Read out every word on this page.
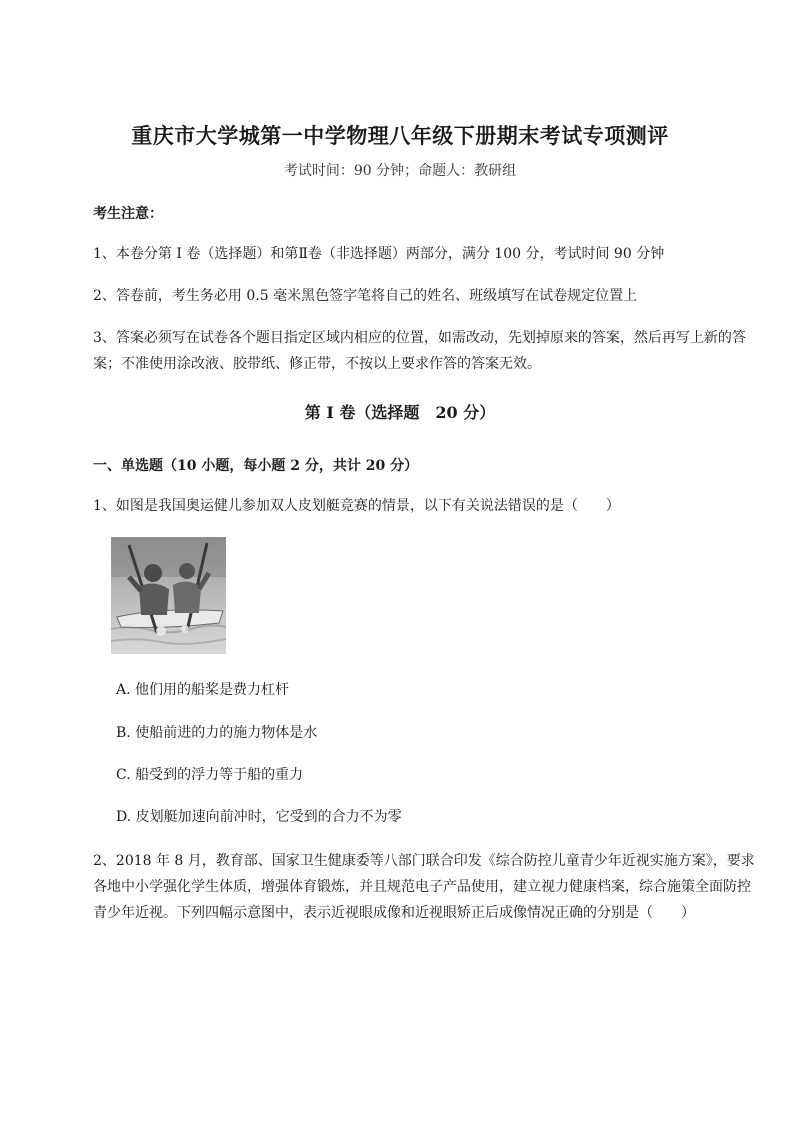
重庆市大学城第一中学物理八年级下册期末考试专项测评
考试时间：90 分钟；命题人：教研组
考生注意：
1、本卷分第 I 卷（选择题）和第Ⅱ卷（非选择题）两部分，满分 100 分，考试时间 90 分钟
2、答卷前，考生务必用 0.5 毫米黑色签字笔将自己的姓名、班级填写在试卷规定位置上
3、答案必须写在试卷各个题目指定区域内相应的位置，如需改动，先划掉原来的答案，然后再写上新的答案；不准使用涂改液、胶带纸、修正带，不按以上要求作答的答案无效。
第 I 卷（选择题　20 分）
一、单选题（10 小题，每小题 2 分，共计 20 分）
1、如图是我国奥运健儿参加双人皮划艇竞赛的情景，以下有关说法错误的是（　　）
A. 他们用的船桨是费力杠杆
B. 使船前进的力的施力物体是水
C. 船受到的浮力等于船的重力
D. 皮划艇加速向前冲时，它受到的合力不为零
2、2018 年 8 月，教育部、国家卫生健康委等八部门联合印发《综合防控儿童青少年近视实施方案》，要求各地中小学强化学生体质，增强体育锻炼，并且规范电子产品使用，建立视力健康档案，综合施策全面防控青少年近视。下列四幅示意图中，表示近视眼成像和近视眼矫正后成像情况正确的分别是（　　）
